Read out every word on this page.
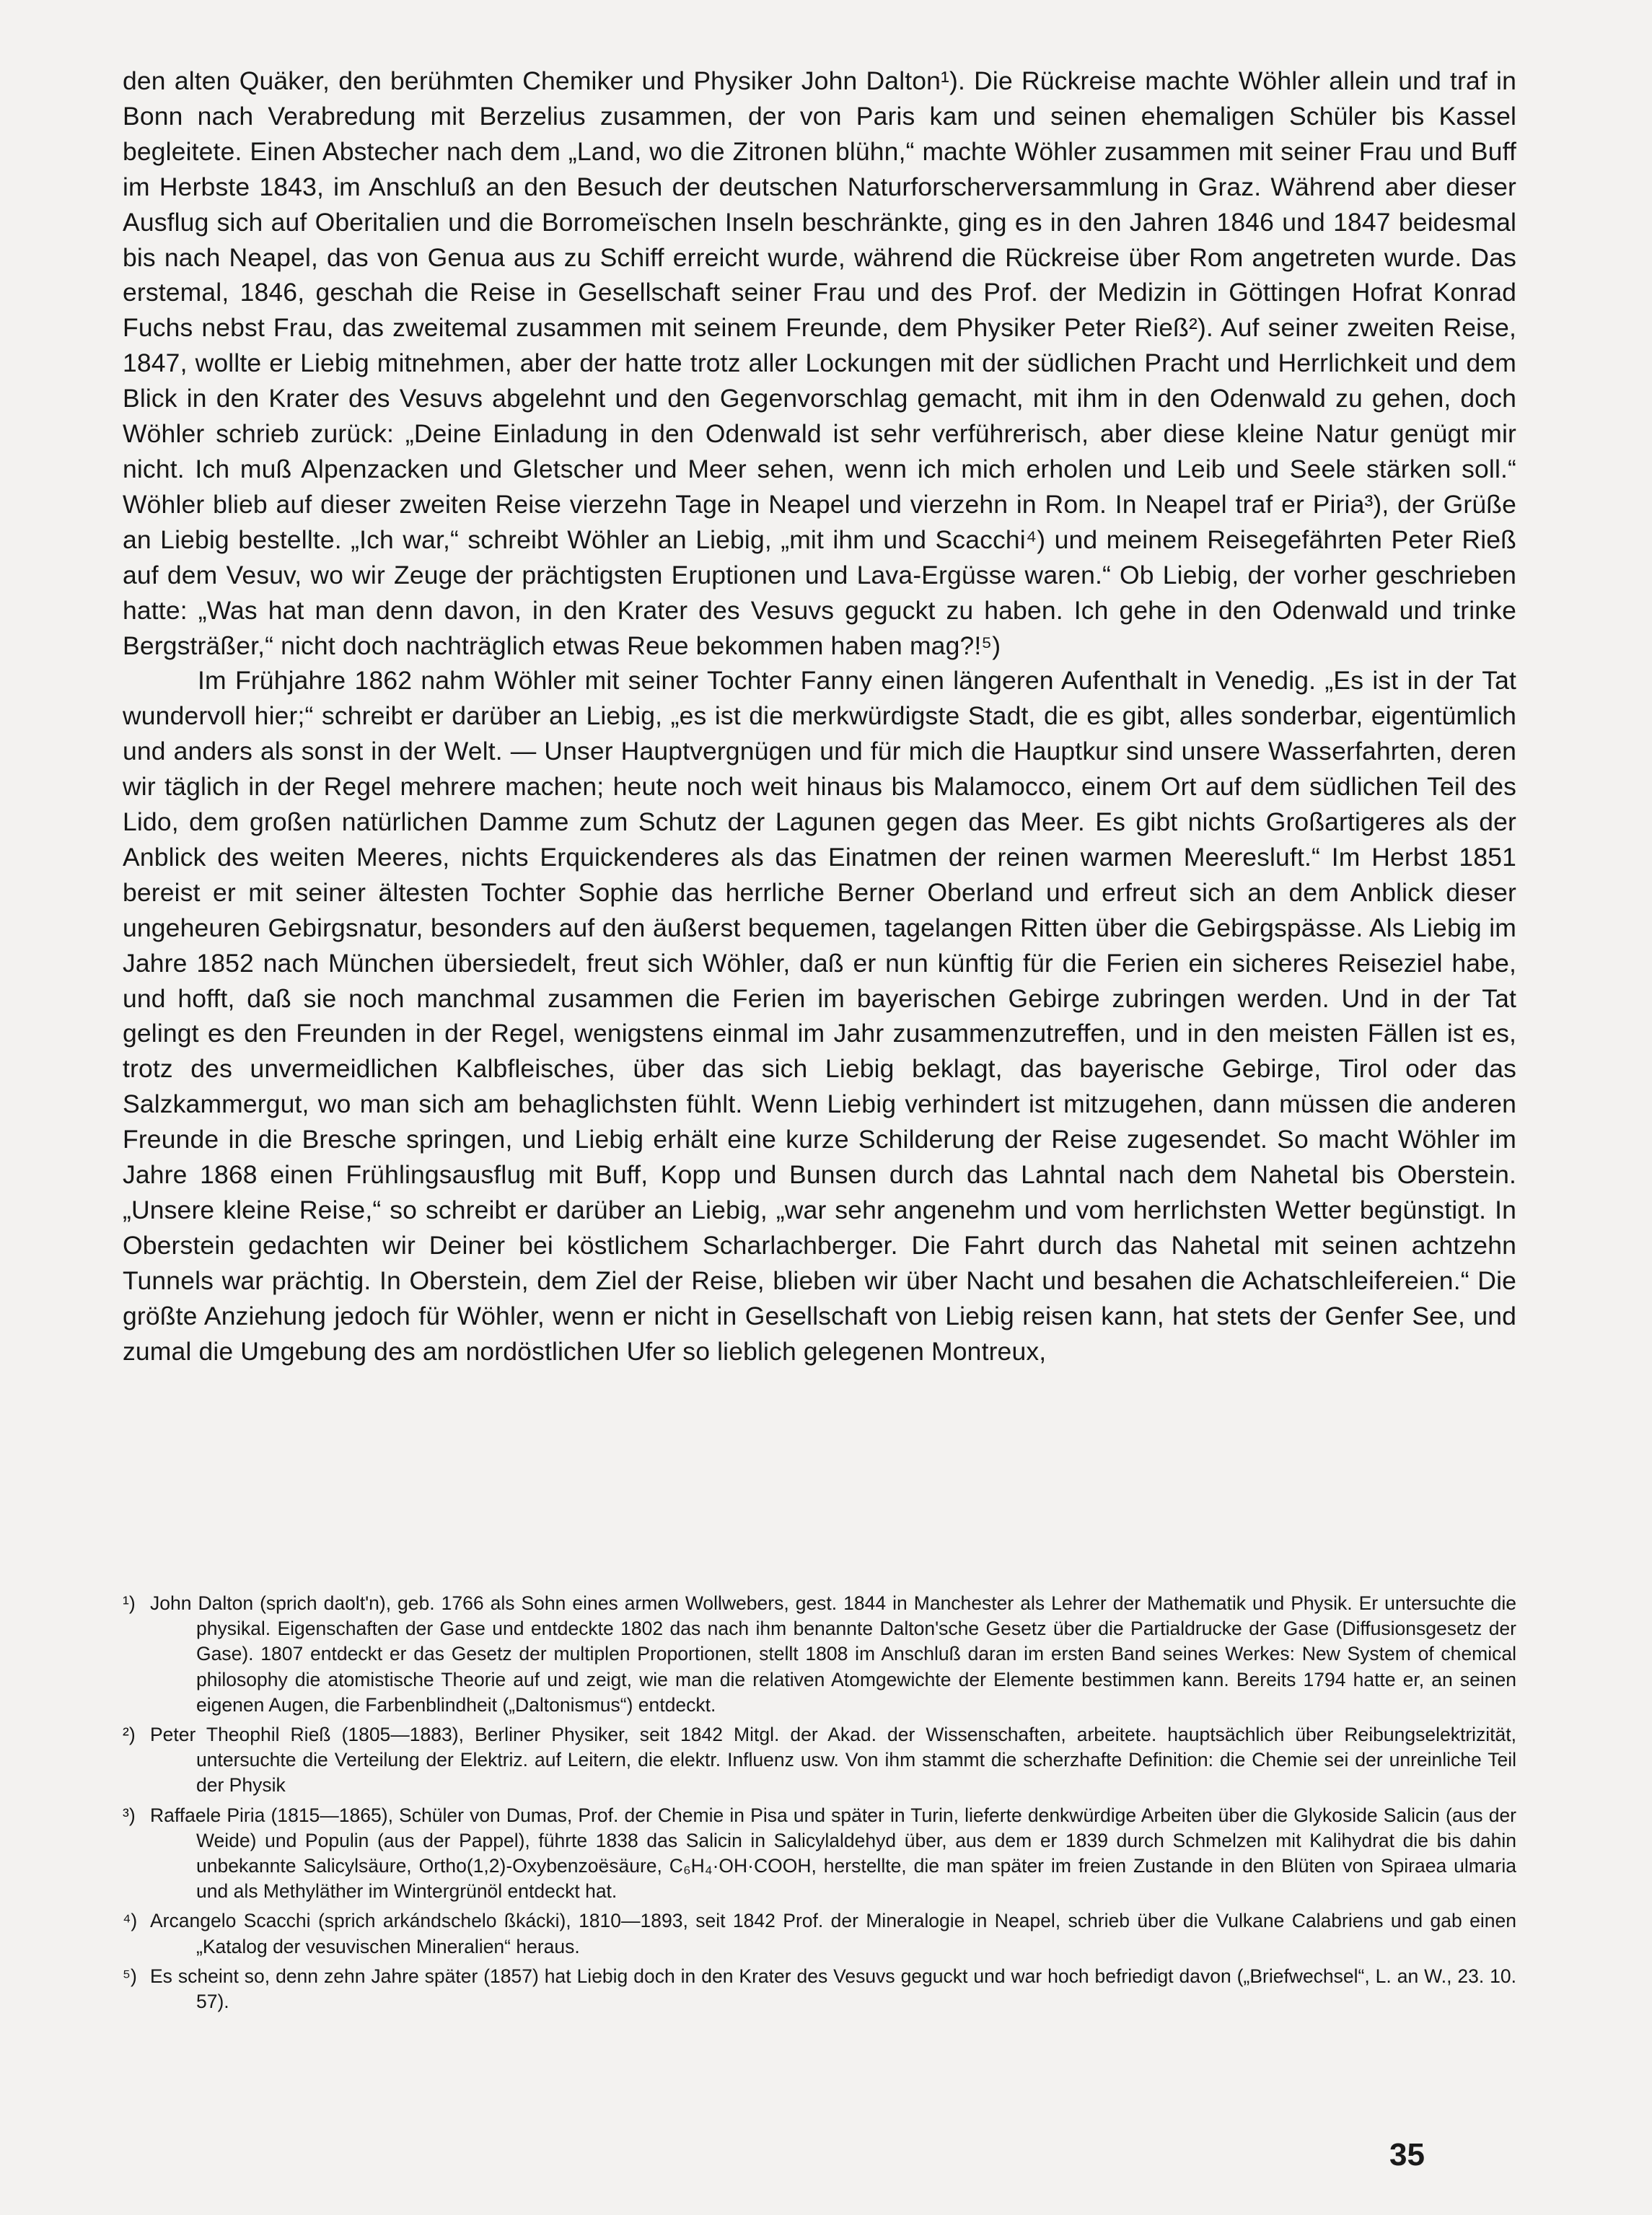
den alten Quäker, den berühmten Chemiker und Physiker John Dalton¹). Die Rückreise machte Wöhler allein und traf in Bonn nach Verabredung mit Berzelius zusammen, der von Paris kam und seinen ehemaligen Schüler bis Kassel begleitete. Einen Abstecher nach dem „Land, wo die Zitronen blühn,“ machte Wöhler zusammen mit seiner Frau und Buff im Herbste 1843, im Anschluß an den Besuch der deutschen Naturforscherversammlung in Graz. Während aber dieser Ausflug sich auf Oberitalien und die Borromeïschen Inseln beschränkte, ging es in den Jahren 1846 und 1847 beidesmal bis nach Neapel, das von Genua aus zu Schiff erreicht wurde, während die Rückreise über Rom angetreten wurde. Das erstemal, 1846, geschah die Reise in Gesellschaft seiner Frau und des Prof. der Medizin in Göttingen Hofrat Konrad Fuchs nebst Frau, das zweitemal zusammen mit seinem Freunde, dem Physiker Peter Rieß²). Auf seiner zweiten Reise, 1847, wollte er Liebig mitnehmen, aber der hatte trotz aller Lockungen mit der südlichen Pracht und Herrlichkeit und dem Blick in den Krater des Vesuvs abgelehnt und den Gegenvorschlag gemacht, mit ihm in den Odenwald zu gehen, doch Wöhler schrieb zurück: „Deine Einladung in den Odenwald ist sehr verführerisch, aber diese kleine Natur genügt mir nicht. Ich muß Alpenzacken und Gletscher und Meer sehen, wenn ich mich erholen und Leib und Seele stärken soll.“ Wöhler blieb auf dieser zweiten Reise vierzehn Tage in Neapel und vierzehn in Rom. In Neapel traf er Piria³), der Grüße an Liebig bestellte. „Ich war,“ schreibt Wöhler an Liebig, „mit ihm und Scacchi⁴) und meinem Reisegefährten Peter Rieß auf dem Vesuv, wo wir Zeuge der prächtigsten Eruptionen und Lava-Ergüsse waren.“ Ob Liebig, der vorher geschrieben hatte: „Was hat man denn davon, in den Krater des Vesuvs geguckt zu haben. Ich gehe in den Odenwald und trinke Bergsträßer,“ nicht doch nachträglich etwas Reue bekommen haben mag?!⁵)

Im Frühjahre 1862 nahm Wöhler mit seiner Tochter Fanny einen längeren Aufenthalt in Venedig. „Es ist in der Tat wundervoll hier;“ schreibt er darüber an Liebig, „es ist die merkwürdigste Stadt, die es gibt, alles sonderbar, eigentümlich und anders als sonst in der Welt. — Unser Hauptvergnügen und für mich die Hauptkur sind unsere Wasserfahrten, deren wir täglich in der Regel mehrere machen; heute noch weit hinaus bis Malamocco, einem Ort auf dem südlichen Teil des Lido, dem großen natürlichen Damme zum Schutz der Lagunen gegen das Meer. Es gibt nichts Großartigeres als der Anblick des weiten Meeres, nichts Erquickenderes als das Einatmen der reinen warmen Meeresluft.“ Im Herbst 1851 bereist er mit seiner ältesten Tochter Sophie das herrliche Berner Oberland und erfreut sich an dem Anblick dieser ungeheuren Gebirgsnatur, besonders auf den äußerst bequemen, tagelangen Ritten über die Gebirgspässe. Als Liebig im Jahre 1852 nach München übersiedelt, freut sich Wöhler, daß er nun künftig für die Ferien ein sicheres Reiseziel habe, und hofft, daß sie noch manchmal zusammen die Ferien im bayerischen Gebirge zubringen werden. Und in der Tat gelingt es den Freunden in der Regel, wenigstens einmal im Jahr zusammenzutreffen, und in den meisten Fällen ist es, trotz des unvermeidlichen Kalbfleisches, über das sich Liebig beklagt, das bayerische Gebirge, Tirol oder das Salzkammergut, wo man sich am behaglichsten fühlt. Wenn Liebig verhindert ist mitzugehen, dann müssen die anderen Freunde in die Bresche springen, und Liebig erhält eine kurze Schilderung der Reise zugesendet. So macht Wöhler im Jahre 1868 einen Frühlingsausflug mit Buff, Kopp und Bunsen durch das Lahntal nach dem Nahetal bis Oberstein. „Unsere kleine Reise,“ so schreibt er darüber an Liebig, „war sehr angenehm und vom herrlichsten Wetter begünstigt. In Oberstein gedachten wir Deiner bei köstlichem Scharlachberger. Die Fahrt durch das Nahetal mit seinen achtzehn Tunnels war prächtig. In Oberstein, dem Ziel der Reise, blieben wir über Nacht und besahen die Achatschleifereien.“ Die größte Anziehung jedoch für Wöhler, wenn er nicht in Gesellschaft von Liebig reisen kann, hat stets der Genfer See, und zumal die Umgebung des am nordöstlichen Ufer so lieblich gelegenen Montreux,

¹) John Dalton (sprich daolt'n), geb. 1766 als Sohn eines armen Wollwebers, gest. 1844 in Manchester als Lehrer der Mathematik und Physik. Er untersuchte die physikal. Eigenschaften der Gase und entdeckte 1802 das nach ihm benannte Dalton'sche Gesetz über die Partialdrucke der Gase (Diffusionsgesetz der Gase). 1807 entdeckt er das Gesetz der multiplen Proportionen, stellt 1808 im Anschluß daran im ersten Band seines Werkes: New System of chemical philosophy die atomistische Theorie auf und zeigt, wie man die relativen Atomgewichte der Elemente bestimmen kann. Bereits 1794 hatte er, an seinen eigenen Augen, die Farbenblindheit („Daltonismus“) entdeckt.
²) Peter Theophil Rieß (1805—1883), Berliner Physiker, seit 1842 Mitgl. der Akad. der Wissenschaften, arbeitete. hauptsächlich über Reibungselektrizität, untersuchte die Verteilung der Elektriz. auf Leitern, die elektr. Influenz usw. Von ihm stammt die scherzhafte Definition: die Chemie sei der unreinliche Teil der Physik
³) Raffaele Piria (1815—1865), Schüler von Dumas, Prof. der Chemie in Pisa und später in Turin, lieferte denkwürdige Arbeiten über die Glykoside Salicin (aus der Weide) und Populin (aus der Pappel), führte 1838 das Salicin in Salicylaldehyd über, aus dem er 1839 durch Schmelzen mit Kalihydrat die bis dahin unbekannte Salicylsäure, Ortho(1,2)-Oxybenzoësäure, C₆H₄·OH·COOH, herstellte, die man später im freien Zustande in den Blüten von Spiraea ulmaria und als Methyläther im Wintergrünöl entdeckt hat.
⁴) Arcangelo Scacchi (sprich arkándschelo ßkácki), 1810—1893, seit 1842 Prof. der Mineralogie in Neapel, schrieb über die Vulkane Calabriens und gab einen „Katalog der vesuvischen Mineralien“ heraus.
⁵) Es scheint so, denn zehn Jahre später (1857) hat Liebig doch in den Krater des Vesuvs geguckt und war hoch befriedigt davon („Briefwechsel“, L. an W., 23. 10. 57).
35
